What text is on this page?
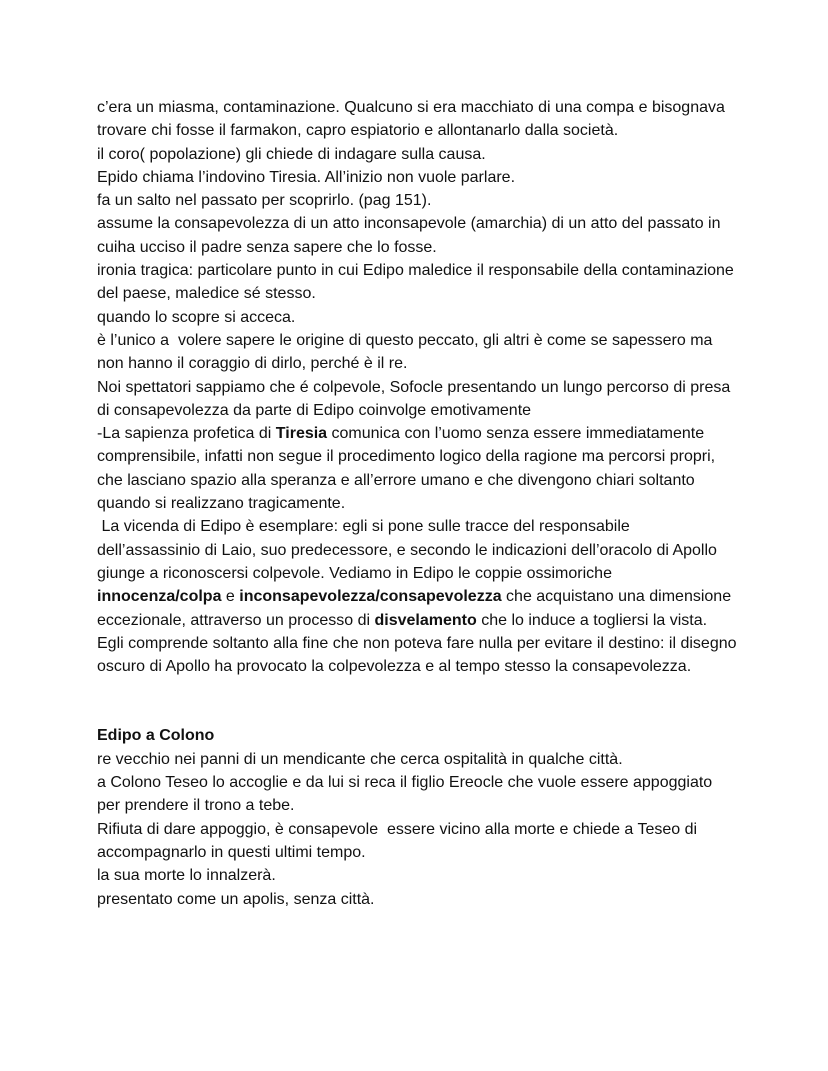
c’era un miasma, contaminazione. Qualcuno si era macchiato di una compa e bisognava trovare chi fosse il farmakon, capro espiatorio e allontanarlo dalla società.

il coro( popolazione) gli chiede di indagare sulla causa.

Epido chiama l’indovino Tiresia. All’inizio non vuole parlare.

fa un salto nel passato per scoprirlo. (pag 151).

assume la consapevolezza di un atto inconsapevole (amarchia) di un atto del passato in cuiha ucciso il padre senza sapere che lo fosse.

ironia tragica: particolare punto in cui Edipo maledice il responsabile della contaminazione del paese, maledice sé stesso.

quando lo scopre si acceca.

è l’unico a  volere sapere le origine di questo peccato, gli altri è come se sapessero ma non hanno il coraggio di dirlo, perché è il re.

Noi spettatori sappiamo che é colpevole, Sofocle presentando un lungo percorso di presa di consapevolezza da parte di Edipo coinvolge emotivamente

-La sapienza profetica di Tiresia comunica con l’uomo senza essere immediatamente comprensibile, infatti non segue il procedimento logico della ragione ma percorsi propri, che lasciano spazio alla speranza e all’errore umano e che divengono chiari soltanto quando si realizzano tragicamente.

La vicenda di Edipo è esemplare: egli si pone sulle tracce del responsabile dell’assassinio di Laio, suo predecessore, e secondo le indicazioni dell’oracolo di Apollo giunge a riconoscersi colpevole. Vediamo in Edipo le coppie ossimoriche innocenza/colpa e inconsapevolezza/consapevolezza che acquistano una dimensione eccezionale, attraverso un processo di disvelamento che lo induce a togliersi la vista. Egli comprende soltanto alla fine che non poteva fare nulla per evitare il destino: il disegno oscuro di Apollo ha provocato la colpevolezza e al tempo stesso la consapevolezza.

Edipo a Colono

re vecchio nei panni di un mendicante che cerca ospitalità in qualche città.

a Colono Teseo lo accoglie e da lui si reca il figlio Ereocle che vuole essere appoggiato per prendere il trono a tebe.

Rifiuta di dare appoggio, è consapevole  essere vicino alla morte e chiede a Teseo di accompagnarlo in questi ultimi tempo.

la sua morte lo innalzerà.

presentato come un apolis, senza città.
